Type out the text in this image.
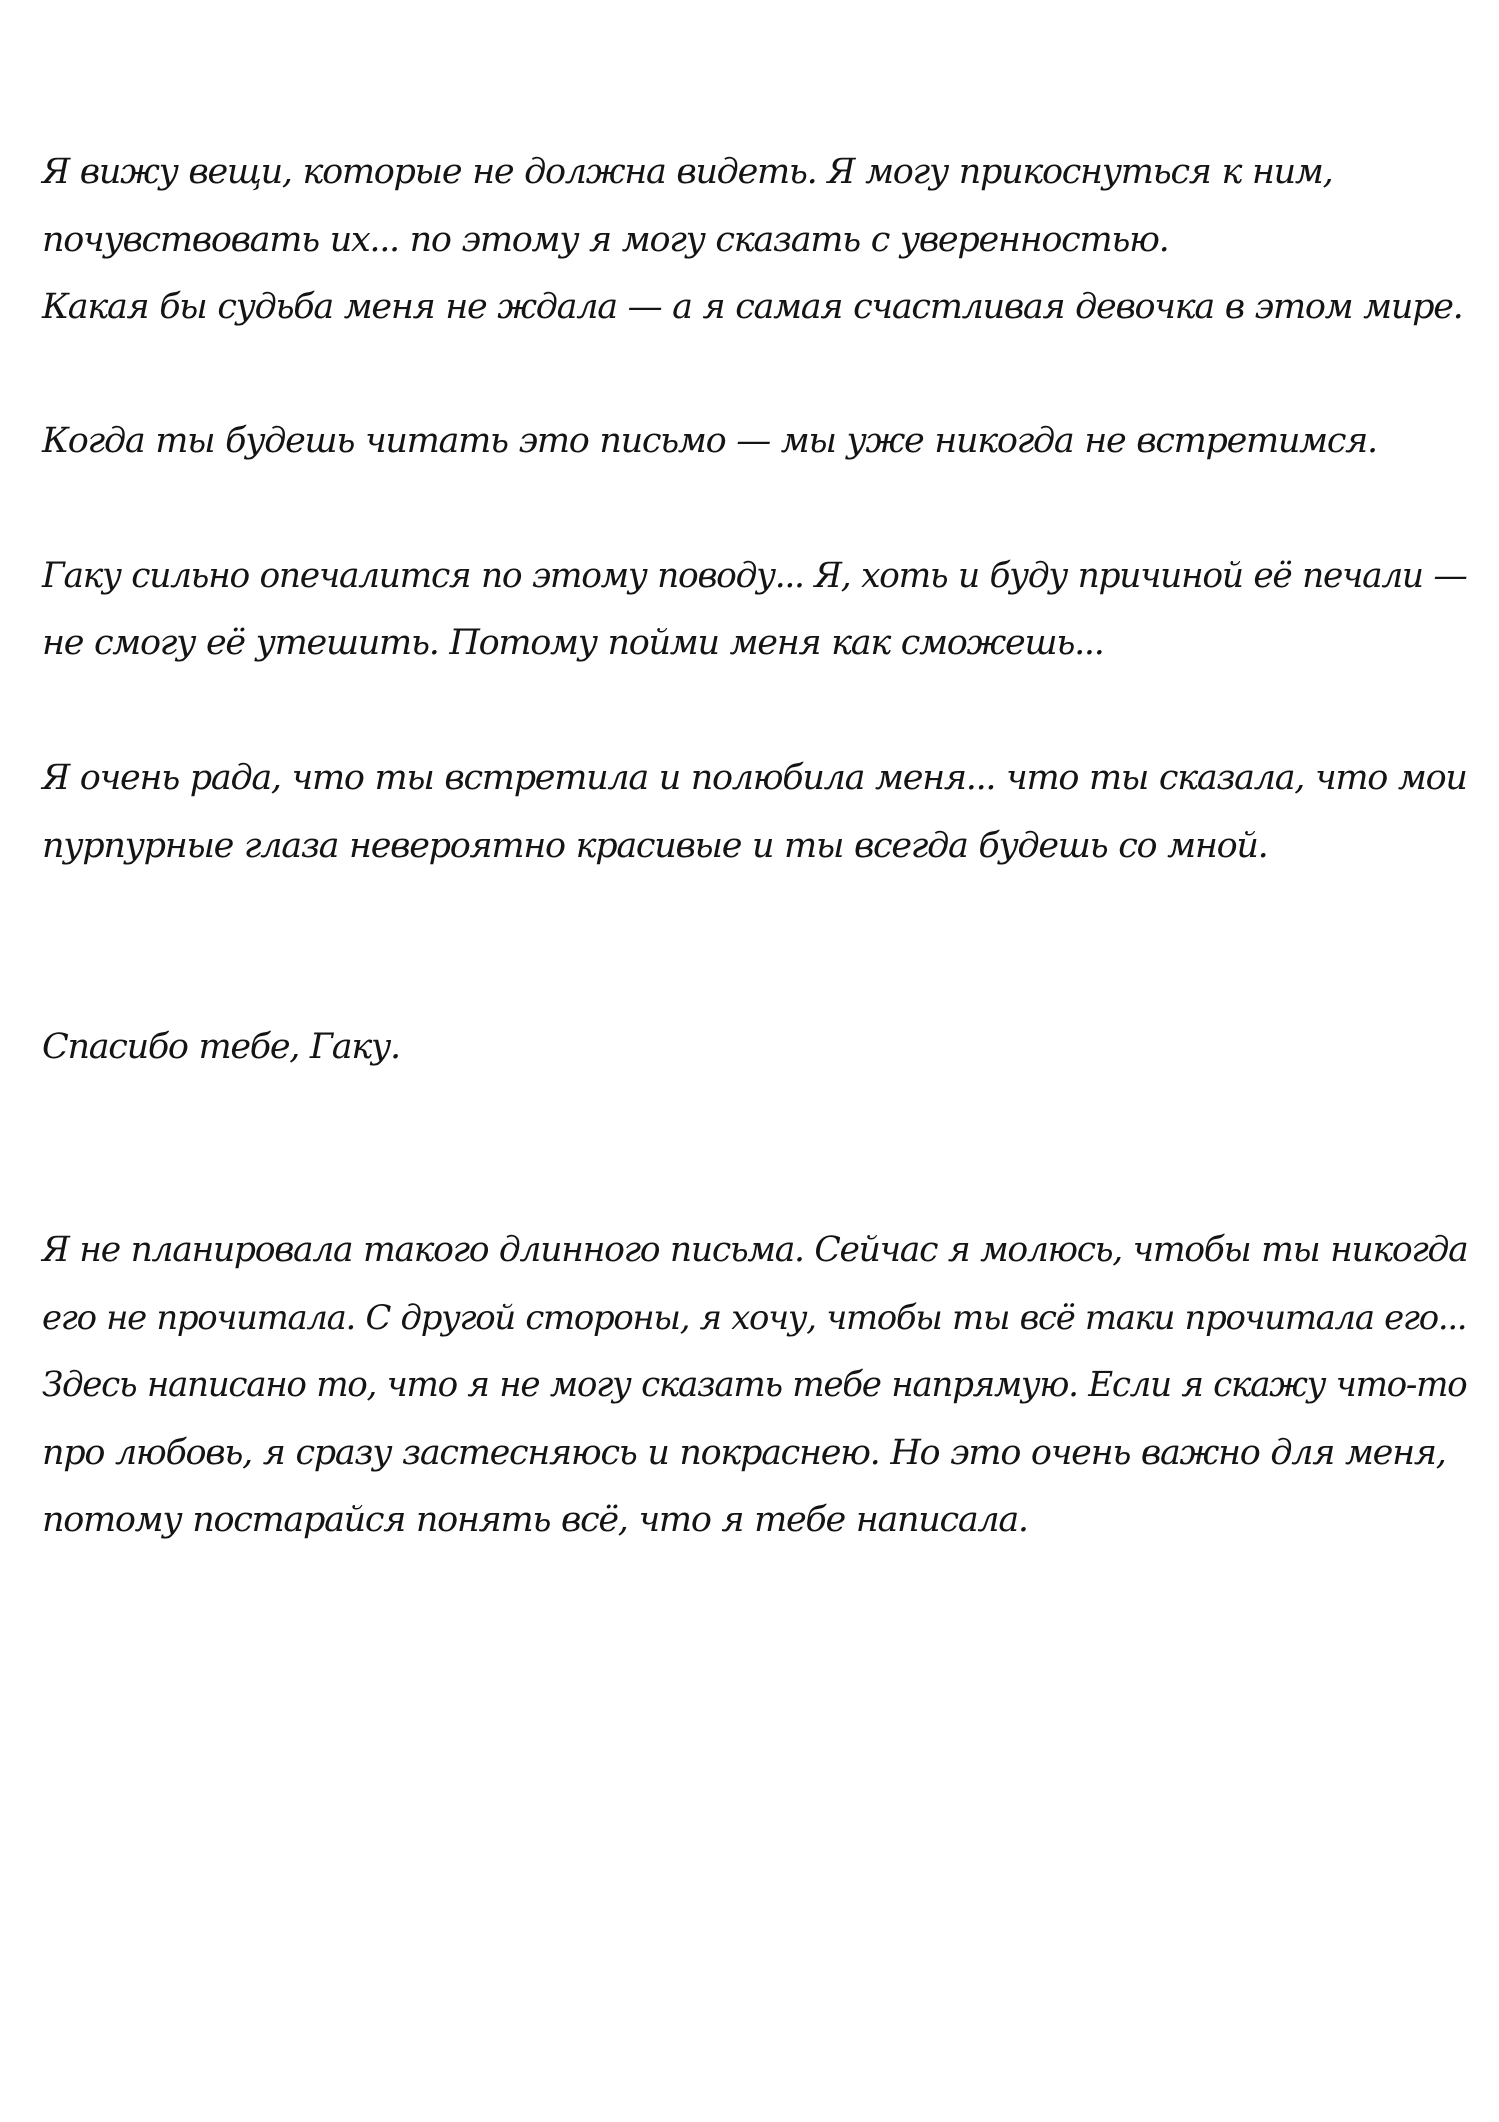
Я вижу вещи, которые не должна видеть. Я могу прикоснуться к ним,

почувствовать их... по этому я могу сказать с уверенностью.

Какая бы судьба меня не ждала — а я самая счастливая девочка в этом мире.

Когда ты будешь читать это письмо — мы уже никогда не встретимся.

Гаку сильно опечалится по этому поводу... Я, хоть и буду причиной её печали —

не смогу её утешить. Потому пойми меня как сможешь...

Я очень рада, что ты встретила и полюбила меня... что ты сказала, что мои

пурпурные глаза невероятно красивые и ты всегда будешь со мной.

Спасибо тебе, Гаку.

Я не планировала такого длинного письма. Сейчас я молюсь, чтобы ты никогда

его не прочитала. С другой стороны, я хочу, чтобы ты всё таки прочитала его...

Здесь написано то, что я не могу сказать тебе напрямую. Если я скажу что-то

про любовь, я сразу застесняюсь и покраснею. Но это очень важно для меня,

потому постарайся понять всё, что я тебе написала.
